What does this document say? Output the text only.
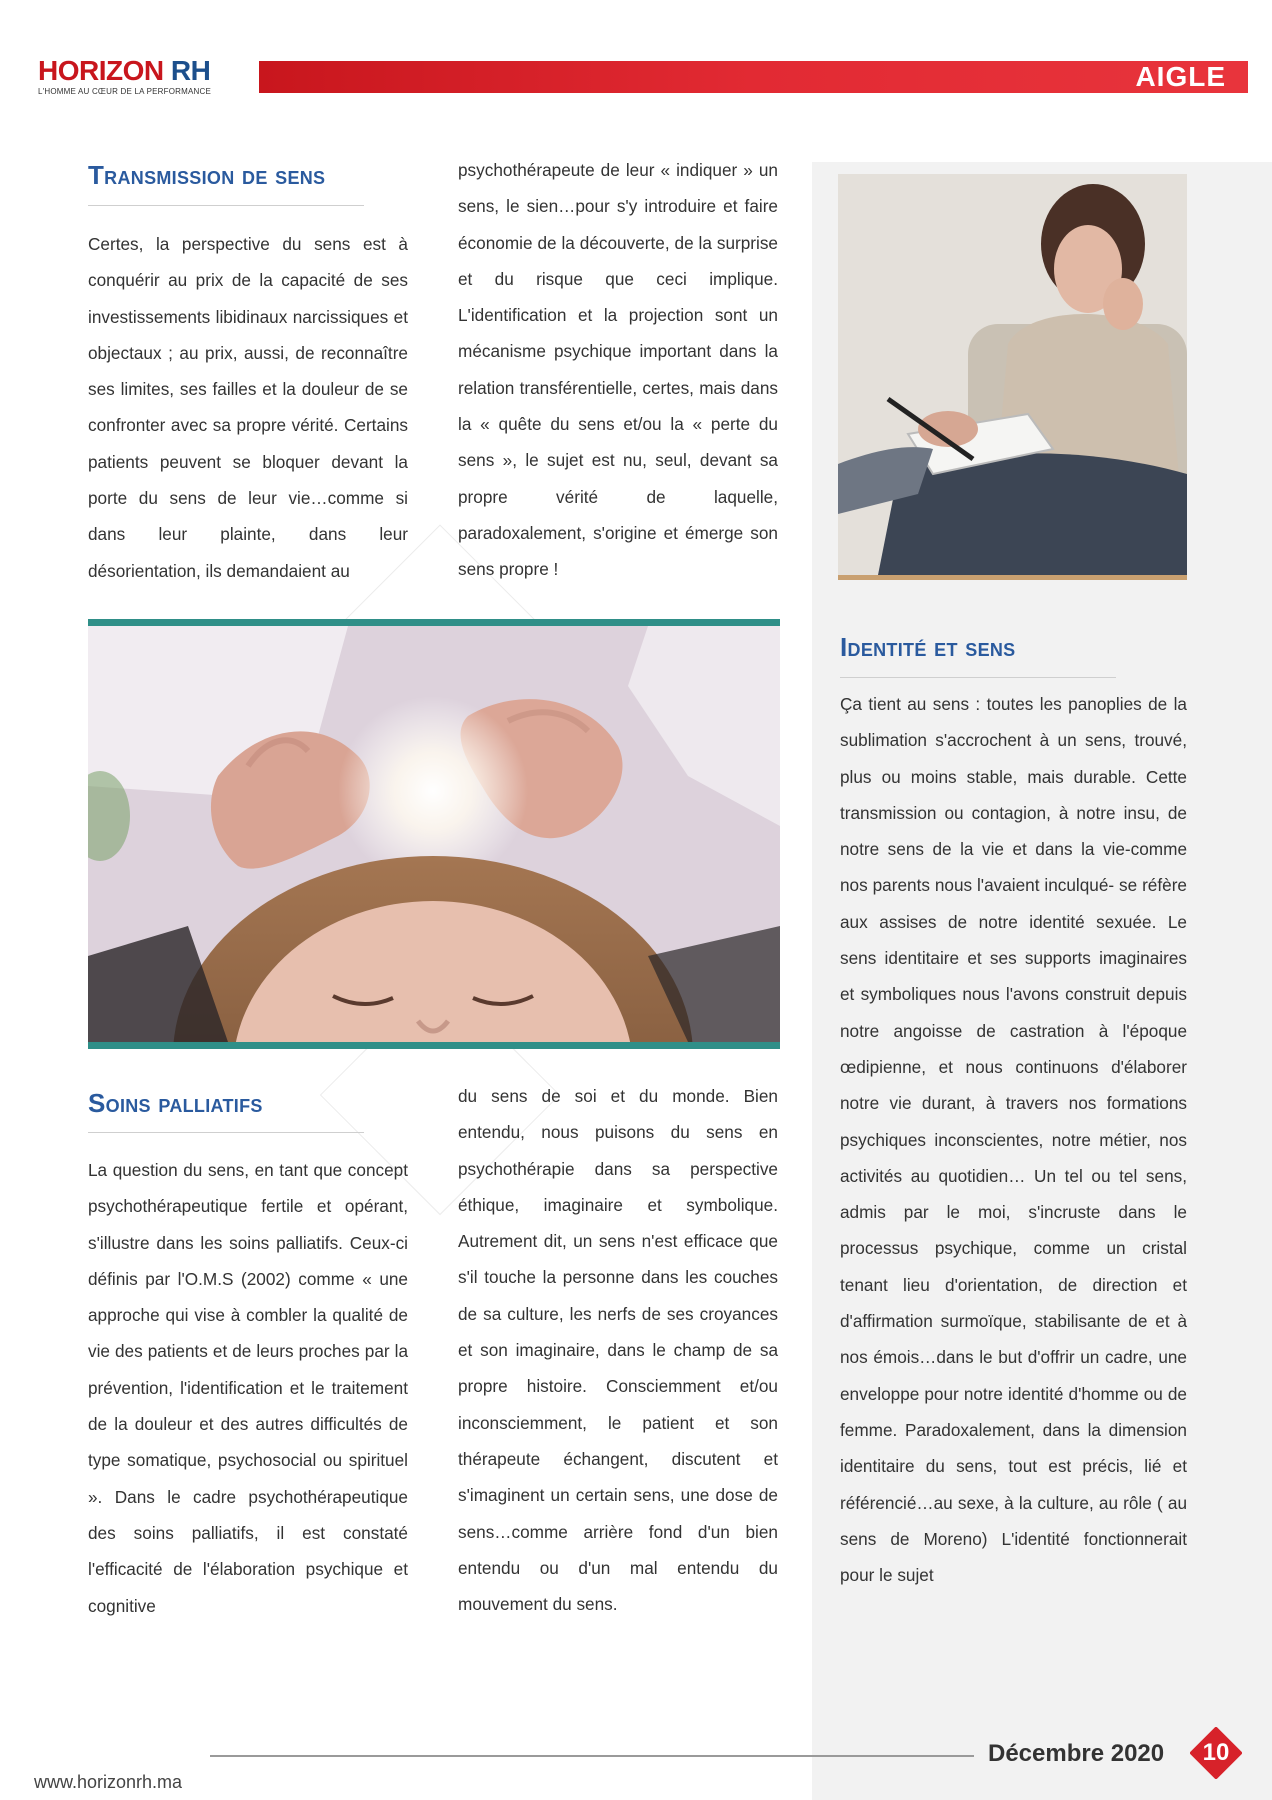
HORIZON RH
L'HOMME AU CŒUR DE LA PERFORMANCE	AIGLE
Transmission de sens
Certes, la perspective du sens est à conquérir au prix de la capacité de ses investissements libidinaux narcissiques et objectaux ; au prix, aussi, de reconnaître ses limites, ses failles et la douleur de se confronter avec sa propre vérité. Certains patients peuvent se bloquer devant la porte du sens de leur vie…comme si dans leur plainte, dans leur désorientation, ils demandaient au
psychothérapeute de leur « indiquer » un sens, le sien…pour s'y introduire et faire économie de la découverte, de la surprise et du risque que ceci implique. L'identification et la projection sont un mécanisme psychique important dans la relation transférentielle, certes, mais dans la « quête du sens et/ou la « perte du sens », le sujet est nu, seul, devant sa propre vérité de laquelle, paradoxalement, s'origine et émerge son sens propre !
Soins palliatifs
La question du sens, en tant que concept psychothérapeutique fertile et opérant, s'illustre dans les soins palliatifs. Ceux-ci définis par l'O.M.S (2002) comme « une approche qui vise à combler la qualité de vie des patients et de leurs proches par la prévention, l'identification et le traitement de la douleur et des autres difficultés de type somatique, psychosocial ou spirituel ». Dans le cadre psychothérapeutique des soins palliatifs, il est constaté l'efficacité de l'élaboration psychique et cognitive
du sens de soi et du monde. Bien entendu, nous puisons du sens en psychothérapie dans sa perspective éthique, imaginaire et symbolique. Autrement dit, un sens n'est efficace que s'il touche la personne dans les couches de sa culture, les nerfs de ses croyances et son imaginaire, dans le champ de sa propre histoire. Consciemment et/ou inconsciemment, le patient et son thérapeute échangent, discutent et s'imaginent un certain sens, une dose de sens…comme arrière fond d'un bien entendu ou d'un mal entendu du mouvement du sens.
Identité et sens
Ça tient au sens : toutes les panoplies de la sublimation s'accrochent à un sens, trouvé, plus ou moins stable, mais durable. Cette transmission ou contagion, à notre insu, de notre sens de la vie et dans la vie-comme nos parents nous l'avaient inculqué- se réfère aux assises de notre identité sexuée. Le sens identitaire et ses supports imaginaires et symboliques nous l'avons construit depuis notre angoisse de castration à l'époque œdipienne, et nous continuons d'élaborer notre vie durant, à travers nos formations psychiques inconscientes, notre métier, nos activités au quotidien… Un tel ou tel sens, admis par le moi, s'incruste dans le processus psychique, comme un cristal tenant lieu d'orientation, de direction et d'affirmation surmoïque, stabilisante de et à nos émois…dans le but d'offrir un cadre, une enveloppe pour notre identité d'homme ou de femme. Paradoxalement, dans la dimension identitaire du sens, tout est précis, lié et référencié…au sexe, à la culture, au rôle ( au sens de Moreno) L'identité fonctionnerait pour le sujet
www.horizonrh.ma
Décembre 2020	10
